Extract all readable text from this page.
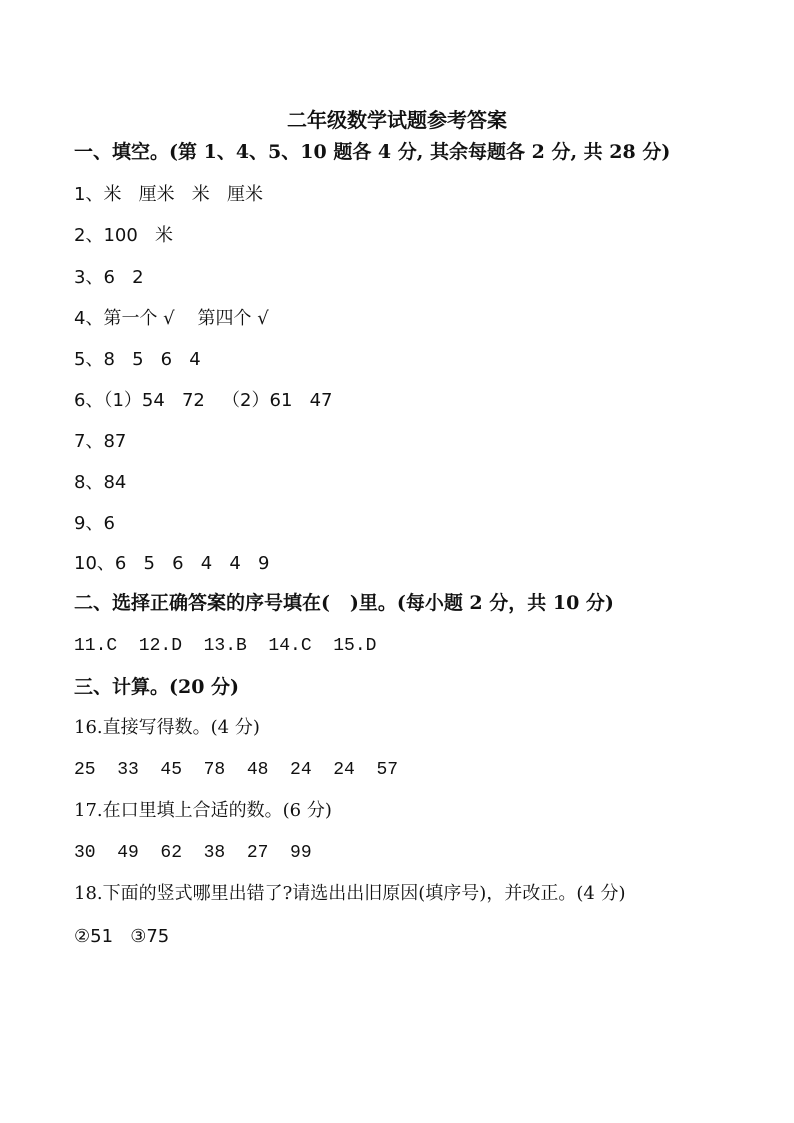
二年级数学试题参考答案
一、填空。(第 1、4、5、10 题各 4 分, 其余每题各 2 分, 共 28 分)
1、米   厘米   米   厘米
2、100   米
3、6   2
4、第一个 √    第四个 √
5、8   5   6   4
6、（1）54   72   （2）61   47
7、87
8、84
9、6
10、6   5   6   4   4   9
二、选择正确答案的序号填在(   )里。(每小题 2 分，共 10 分)
11.C  12.D  13.B  14.C  15.D
三、计算。(20 分)
16.直接写得数。(4 分)
25  33  45  78  48  24  24  57
17.在口里填上合适的数。(6 分)
30  49  62  38  27  99
18.下面的竖式哪里出错了?请选出出旧原因(填序号)，并改正。(4 分)
②51   ③75
